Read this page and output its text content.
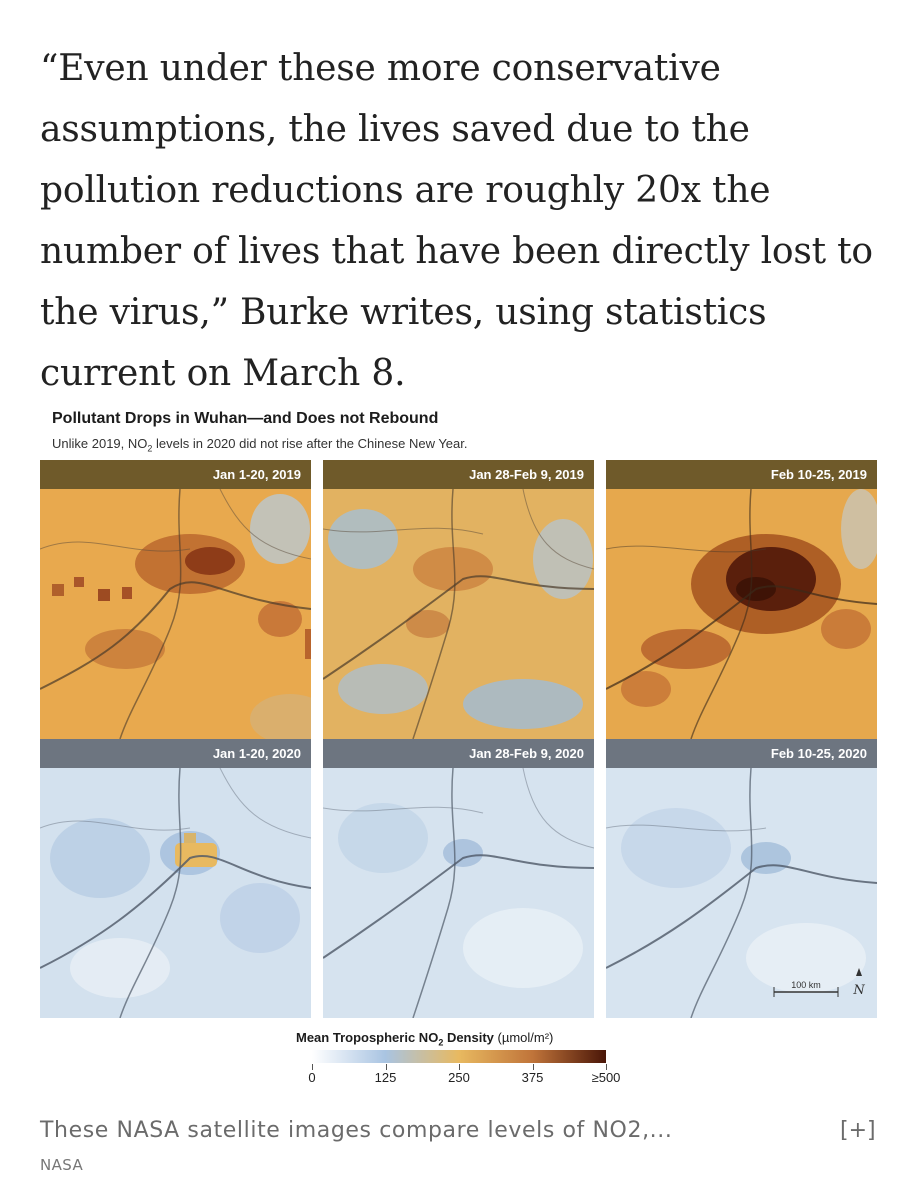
“Even under these more conservative assumptions, the lives saved due to the pollution reductions are roughly 20x the number of lives that have been directly lost to the virus,” Burke writes, using statistics current on March 8.
Pollutant Drops in Wuhan—and Does not Rebound
Unlike 2019, $NO_2$ levels in 2020 did not rise after the Chinese New Year.
Jan 1-20, 2019	Jan 28-Feb 9, 2019	Feb 10-25, 2019
Jan 1-20, 2020	Jan 28-Feb 9, 2020	Feb 10-25, 2020
100 km	N
Mean Tropospheric $NO_2$ Density (µmol/m²)
0	125	250	375	≥500
These NASA satellite images compare levels of NO2,...	[+]
NASA
